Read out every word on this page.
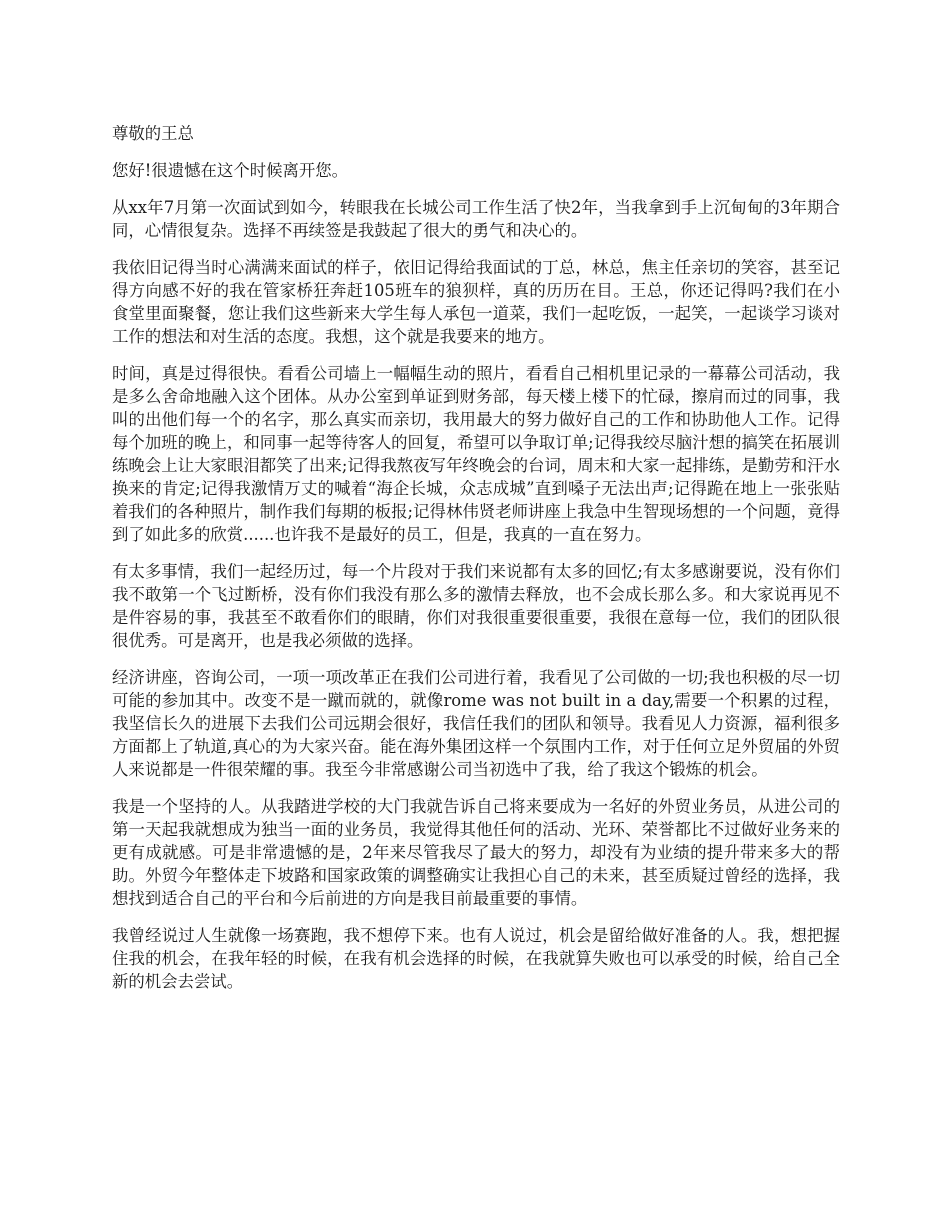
尊敬的王总

您好!很遗憾在这个时候离开您。

从xx年7月第一次面试到如今，转眼我在长城公司工作生活了快2年，当我拿到手上沉甸甸的3年期合同，心情很复杂。选择不再续签是我鼓起了很大的勇气和决心的。

我依旧记得当时心满满来面试的样子，依旧记得给我面试的丁总，林总，焦主任亲切的笑容，甚至记得方向感不好的我在管家桥狂奔赶105班车的狼狈样，真的历历在目。王总，你还记得吗?我们在小食堂里面聚餐，您让我们这些新来大学生每人承包一道菜，我们一起吃饭，一起笑，一起谈学习谈对工作的想法和对生活的态度。我想，这个就是我要来的地方。

时间，真是过得很快。看看公司墙上一幅幅生动的照片，看看自己相机里记录的一幕幕公司活动，我是多么舍命地融入这个团体。从办公室到单证到财务部，每天楼上楼下的忙碌，擦肩而过的同事，我叫的出他们每一个的名字，那么真实而亲切，我用最大的努力做好自己的工作和协助他人工作。记得每个加班的晚上，和同事一起等待客人的回复，希望可以争取订单;记得我绞尽脑汁想的搞笑在拓展训练晚会上让大家眼泪都笑了出来;记得我熬夜写年终晚会的台词，周末和大家一起排练，是勤劳和汗水换来的肯定;记得我激情万丈的喊着“海企长城，众志成城”直到嗓子无法出声;记得跪在地上一张张贴着我们的各种照片，制作我们每期的板报;记得林伟贤老师讲座上我急中生智现场想的一个问题，竟得到了如此多的欣赏......也许我不是最好的员工，但是，我真的一直在努力。

有太多事情，我们一起经历过，每一个片段对于我们来说都有太多的回忆;有太多感谢要说，没有你们我不敢第一个飞过断桥，没有你们我没有那么多的激情去释放，也不会成长那么多。和大家说再见不是件容易的事，我甚至不敢看你们的眼睛，你们对我很重要很重要，我很在意每一位，我们的团队很很优秀。可是离开，也是我必须做的选择。

经济讲座，咨询公司，一项一项改革正在我们公司进行着，我看见了公司做的一切;我也积极的尽一切可能的参加其中。改变不是一蹴而就的，就像rome was not built in a day,需要一个积累的过程，我坚信长久的进展下去我们公司远期会很好，我信任我们的团队和领导。我看见人力资源，福利很多方面都上了轨道,真心的为大家兴奋。能在海外集团这样一个氛围内工作，对于任何立足外贸届的外贸人来说都是一件很荣耀的事。我至今非常感谢公司当初选中了我，给了我这个锻炼的机会。

我是一个坚持的人。从我踏进学校的大门我就告诉自己将来要成为一名好的外贸业务员，从进公司的第一天起我就想成为独当一面的业务员，我觉得其他任何的活动、光环、荣誉都比不过做好业务来的更有成就感。可是非常遗憾的是，2年来尽管我尽了最大的努力，却没有为业绩的提升带来多大的帮助。外贸今年整体走下坡路和国家政策的调整确实让我担心自己的未来，甚至质疑过曾经的选择，我想找到适合自己的平台和今后前进的方向是我目前最重要的事情。

我曾经说过人生就像一场赛跑，我不想停下来。也有人说过，机会是留给做好准备的人。我，想把握住我的机会，在我年轻的时候，在我有机会选择的时候，在我就算失败也可以承受的时候，给自己全新的机会去尝试。
